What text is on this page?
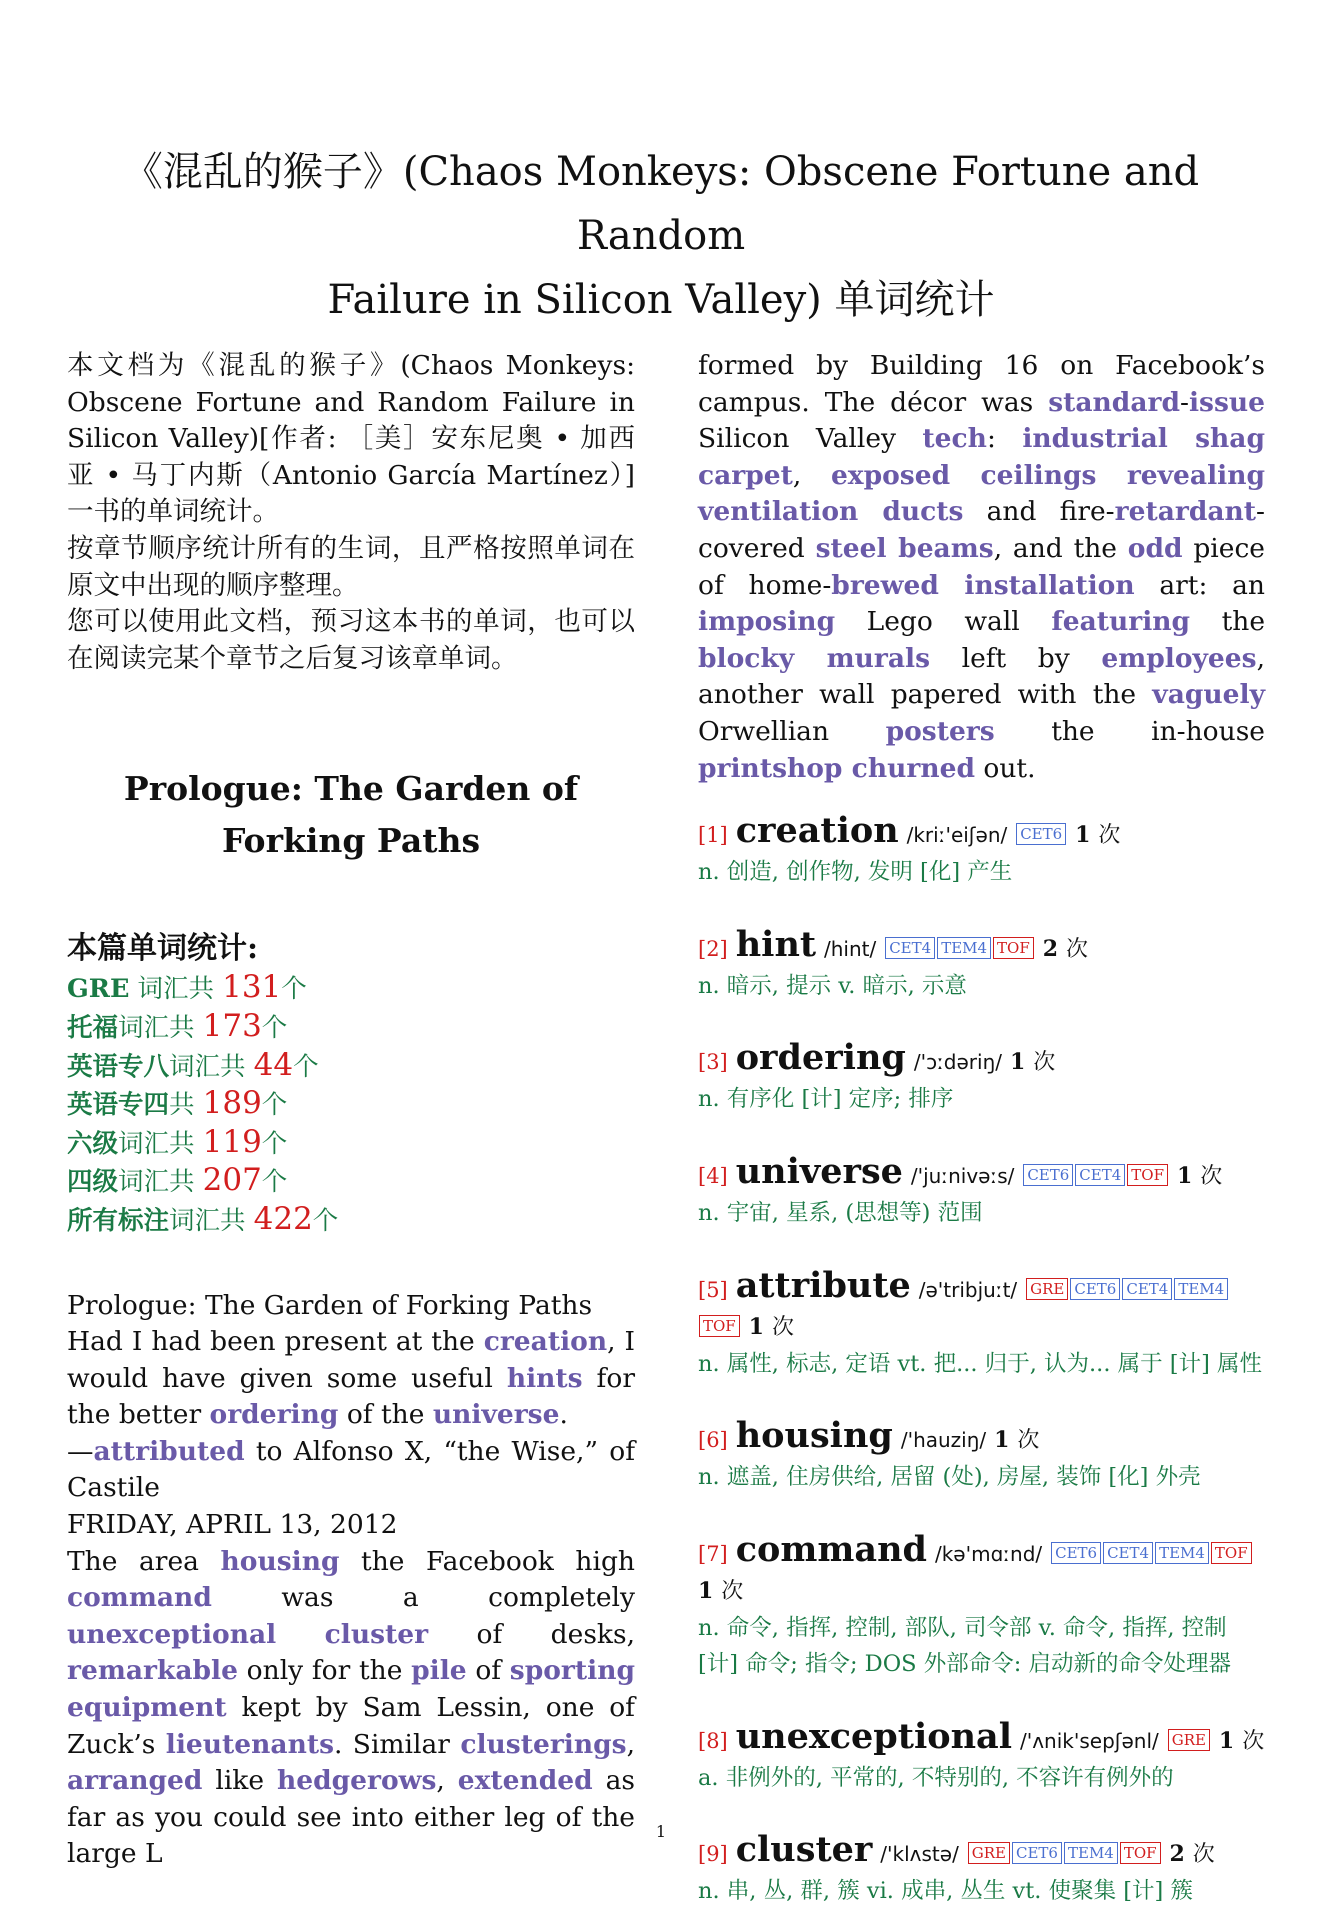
《混乱的猴子》(Chaos Monkeys: Obscene Fortune and Random
Failure in Silicon Valley) 单词统计

本文档为《混乱的猴子》(Chaos Monkeys: Obscene Fortune and Random Failure in Silicon Valley)[作者: ［美］安东尼奥 • 加西亚 • 马丁内斯（Antonio García Martínez）] 一书的单词统计。

按章节顺序统计所有的生词，且严格按照单词在原文中出现的顺序整理。

您可以使用此文档，预习这本书的单词，也可以在阅读完某个章节之后复习该章单词。

Prologue: The Garden of
Forking Paths
本篇单词统计:
GRE 词汇共 131个
托福词汇共 173个
英语专八词汇共 44个
英语专四共 189个
六级词汇共 119个
四级词汇共 207个
所有标注词汇共 422个
Prologue: The Garden of Forking Paths
Had I had been present at the creation, I would have given some useful hints for the better ordering of the universe.
—attributed to Alfonso X, “the Wise,” of Castile
FRIDAY, APRIL 13, 2012
The area housing the Facebook high command was a completely unexceptional cluster of desks, remarkable only for the pile of sporting equipment kept by Sam Lessin, one of Zuck’s lieutenants. Similar clusterings, arranged like hedgerows, extended as far as you could see into either leg of the large L
formed by Building 16 on Facebook’s campus. The décor was standard-issue Silicon Valley tech: industrial shag carpet, exposed ceilings revealing ventilation ducts and fire-retardant-covered steel beams, and the odd piece of home-brewed installation art: an imposing Lego wall featuring the blocky murals left by employees, another wall papered with the vaguely Orwellian posters the in-house printshop churned out.
[1] creation /kriː'eiʃən/ CET6 1 次
n. 创造, 创作物, 发明 [化] 产生
[2] hint /hint/ CET4 TEM4 TOF 2 次
n. 暗示, 提示 v. 暗示, 示意
[3] ordering /'ɔːdəriŋ/ 1 次
n. 有序化 [计] 定序; 排序
[4] universe /'juːnivəːs/ CET6 CET4 TOF 1 次
n. 宇宙, 星系, (思想等) 范围
[5] attribute /ə'tribjuːt/ GRE CET6 CET4 TEM4TOF 1 次
n. 属性, 标志, 定语 vt. 把... 归于, 认为... 属于 [计] 属性
[6] housing /'hauziŋ/ 1 次
n. 遮盖, 住房供给, 居留 (处), 房屋, 装饰 [化] 外壳
[7] command /kə'mɑːnd/ CET6 CET4 TEM4 TOF 1 次
n. 命令, 指挥, 控制, 部队, 司令部 v. 命令, 指挥, 控制 [计] 命令; 指令; DOS 外部命令: 启动新的命令处理器
[8] unexceptional /'ʌnik'sepʃənl/ GRE 1 次
a. 非例外的, 平常的, 不特别的, 不容许有例外的
[9] cluster /'klʌstə/ GRE CET6 TEM4 TOF 2 次
n. 串, 丛, 群, 簇 vi. 成串, 丛生 vt. 使聚集 [计] 簇
1
